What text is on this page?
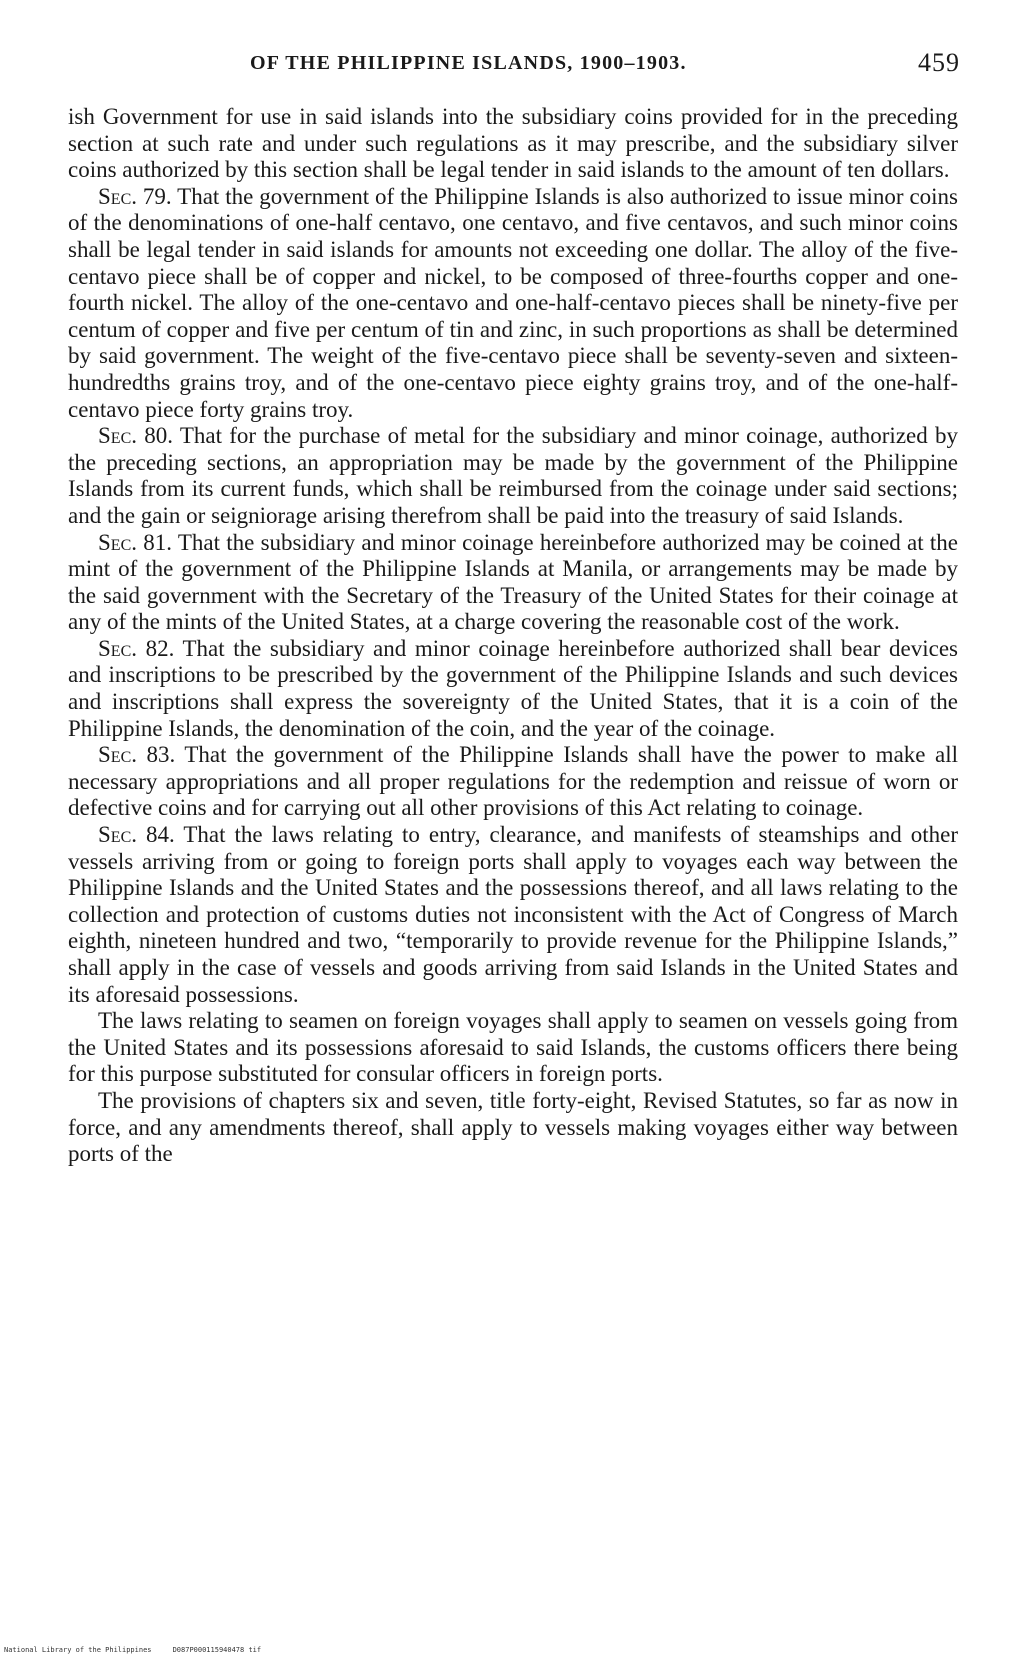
OF THE PHILIPPINE ISLANDS, 1900–1903.	459

ish Government for use in said islands into the subsidiary coins provided for in the preceding section at such rate and under such regulations as it may prescribe, and the subsidiary silver coins authorized by this section shall be legal tender in said islands to the amount of ten dollars.

Sec. 79. That the government of the Philippine Islands is also authorized to issue minor coins of the denominations of one-half centavo, one centavo, and five centavos, and such minor coins shall be legal tender in said islands for amounts not exceeding one dollar. The alloy of the five-centavo piece shall be of copper and nickel, to be composed of three-fourths copper and one-fourth nickel. The alloy of the one-centavo and one-half-centavo pieces shall be ninety-five per centum of copper and five per centum of tin and zinc, in such proportions as shall be determined by said government. The weight of the five-centavo piece shall be seventy-seven and sixteen-hundredths grains troy, and of the one-centavo piece eighty grains troy, and of the one-half-centavo piece forty grains troy.

Sec. 80. That for the purchase of metal for the subsidiary and minor coinage, authorized by the preceding sections, an appropriation may be made by the government of the Philippine Islands from its current funds, which shall be reimbursed from the coinage under said sections; and the gain or seigniorage arising therefrom shall be paid into the treasury of said Islands.

Sec. 81. That the subsidiary and minor coinage hereinbefore authorized may be coined at the mint of the government of the Philippine Islands at Manila, or arrangements may be made by the said government with the Secretary of the Treasury of the United States for their coinage at any of the mints of the United States, at a charge covering the reasonable cost of the work.

Sec. 82. That the subsidiary and minor coinage hereinbefore authorized shall bear devices and inscriptions to be prescribed by the government of the Philippine Islands and such devices and inscriptions shall express the sovereignty of the United States, that it is a coin of the Philippine Islands, the denomination of the coin, and the year of the coinage.

Sec. 83. That the government of the Philippine Islands shall have the power to make all necessary appropriations and all proper regulations for the redemption and reissue of worn or defective coins and for carrying out all other provisions of this Act relating to coinage.

Sec. 84. That the laws relating to entry, clearance, and manifests of steamships and other vessels arriving from or going to foreign ports shall apply to voyages each way between the Philippine Islands and the United States and the possessions thereof, and all laws relating to the collection and protection of customs duties not inconsistent with the Act of Congress of March eighth, nineteen hundred and two, “temporarily to provide revenue for the Philippine Islands,” shall apply in the case of vessels and goods arriving from said Islands in the United States and its aforesaid possessions.

The laws relating to seamen on foreign voyages shall apply to seamen on vessels going from the United States and its possessions aforesaid to said Islands, the customs officers there being for this purpose substituted for consular officers in foreign ports.

The provisions of chapters six and seven, title forty-eight, Revised Statutes, so far as now in force, and any amendments thereof, shall apply to vessels making voyages either way between ports of the

National Library of the Philippines	D087P000115940478 tif
